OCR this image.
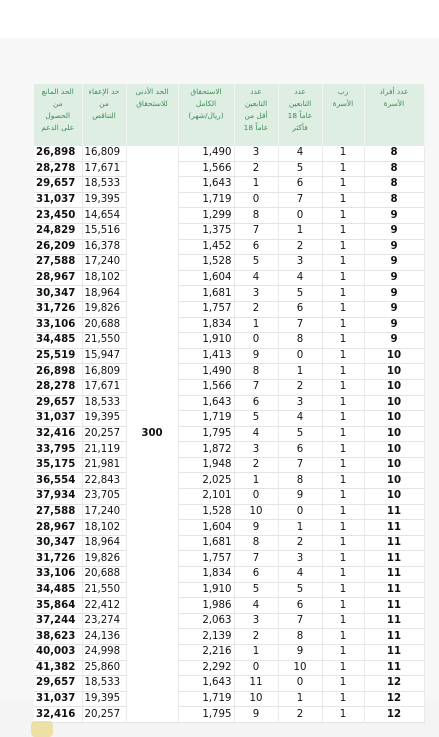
الحد المانع
من
الحصول
على الدعم	حد الإعفاء
من
التناقص	الحد الأدنى
للاستحقاق	الاستحقاق
الكامل
(ريال/شهر)	عدد
التابعين
أقل من
18 عاماً	عدد
التابعين
18 عاماً
فأكثر	رب
الأسرة	عدد أفراد
الأسرة

26,898	16,809	300	1,490	3	4	1	8
28,278	17,671		1,566	2	5	1	8
29,657	18,533		1,643	1	6	1	8
31,037	19,395		1,719	0	7	1	8
23,450	14,654		1,299	8	0	1	9
24,829	15,516		1,375	7	1	1	9
26,209	16,378		1,452	6	2	1	9
27,588	17,240		1,528	5	3	1	9
28,967	18,102		1,604	4	4	1	9
30,347	18,964		1,681	3	5	1	9
31,726	19,826		1,757	2	6	1	9
33,106	20,688		1,834	1	7	1	9
34,485	21,550		1,910	0	8	1	9
25,519	15,947		1,413	9	0	1	10
26,898	16,809		1,490	8	1	1	10
28,278	17,671		1,566	7	2	1	10
29,657	18,533		1,643	6	3	1	10
31,037	19,395		1,719	5	4	1	10
32,416	20,257		1,795	4	5	1	10
33,795	21,119		1,872	3	6	1	10
35,175	21,981		1,948	2	7	1	10
36,554	22,843		2,025	1	8	1	10
37,934	23,705		2,101	0	9	1	10
27,588	17,240		1,528	10	0	1	11
28,967	18,102		1,604	9	1	1	11
30,347	18,964		1,681	8	2	1	11
31,726	19,826		1,757	7	3	1	11
33,106	20,688		1,834	6	4	1	11
34,485	21,550		1,910	5	5	1	11
35,864	22,412		1,986	4	6	1	11
37,244	23,274		2,063	3	7	1	11
38,623	24,136		2,139	2	8	1	11
40,003	24,998		2,216	1	9	1	11
41,382	25,860		2,292	0	10	1	11
29,657	18,533		1,643	11	0	1	12
31,037	19,395		1,719	10	1	1	12
32,416	20,257		1,795	9	2	1	12
